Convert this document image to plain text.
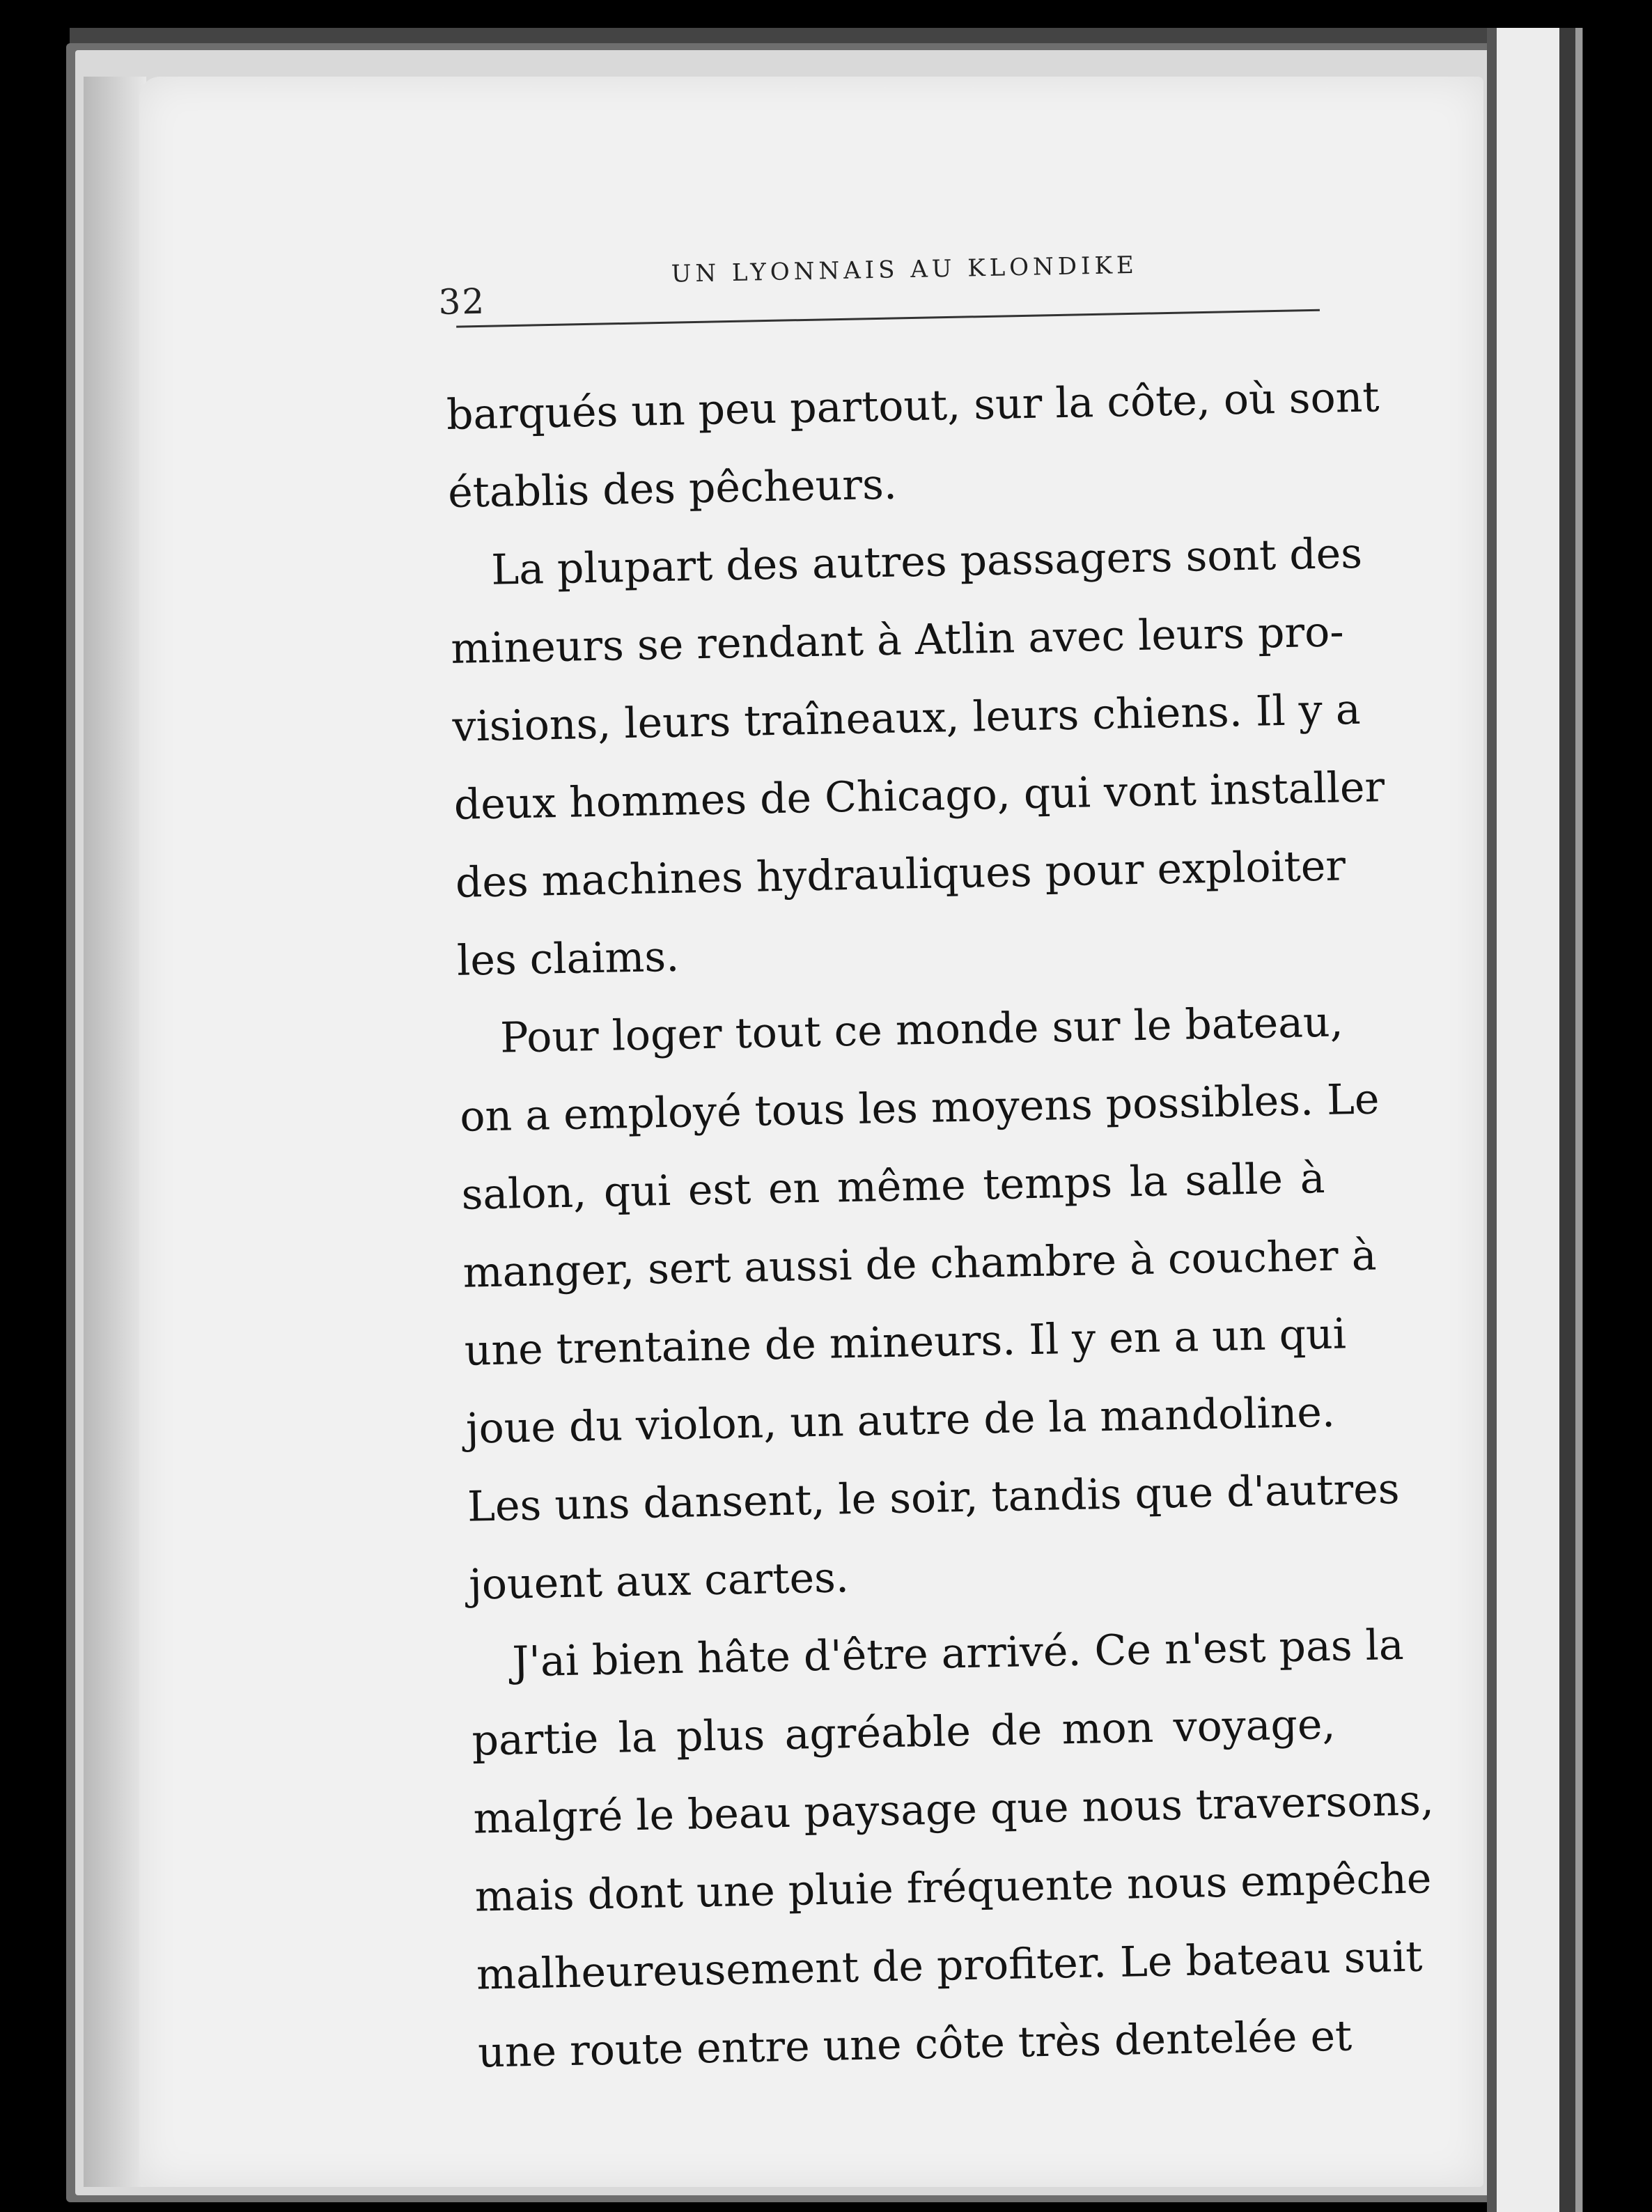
32
UN LYONNAIS AU KLONDIKE

barqués un peu partout, sur la côte, où sont
établis des pêcheurs.

La plupart des autres passagers sont des
mineurs se rendant à Atlin avec leurs pro-
visions, leurs traîneaux, leurs chiens. Il y a
deux hommes de Chicago, qui vont installer
des machines hydrauliques pour exploiter
les claims.

Pour loger tout ce monde sur le bateau,
on a employé tous les moyens possibles. Le
salon, qui est en même temps la salle à
manger, sert aussi de chambre à coucher à
une trentaine de mineurs. Il y en a un qui
joue du violon, un autre de la mandoline.
Les uns dansent, le soir, tandis que d'autres
jouent aux cartes.

J'ai bien hâte d'être arrivé. Ce n'est pas la
partie la plus agréable de mon voyage,
malgré le beau paysage que nous traversons,
mais dont une pluie fréquente nous empêche
malheureusement de profiter. Le bateau suit
une route entre une côte très dentelée et
